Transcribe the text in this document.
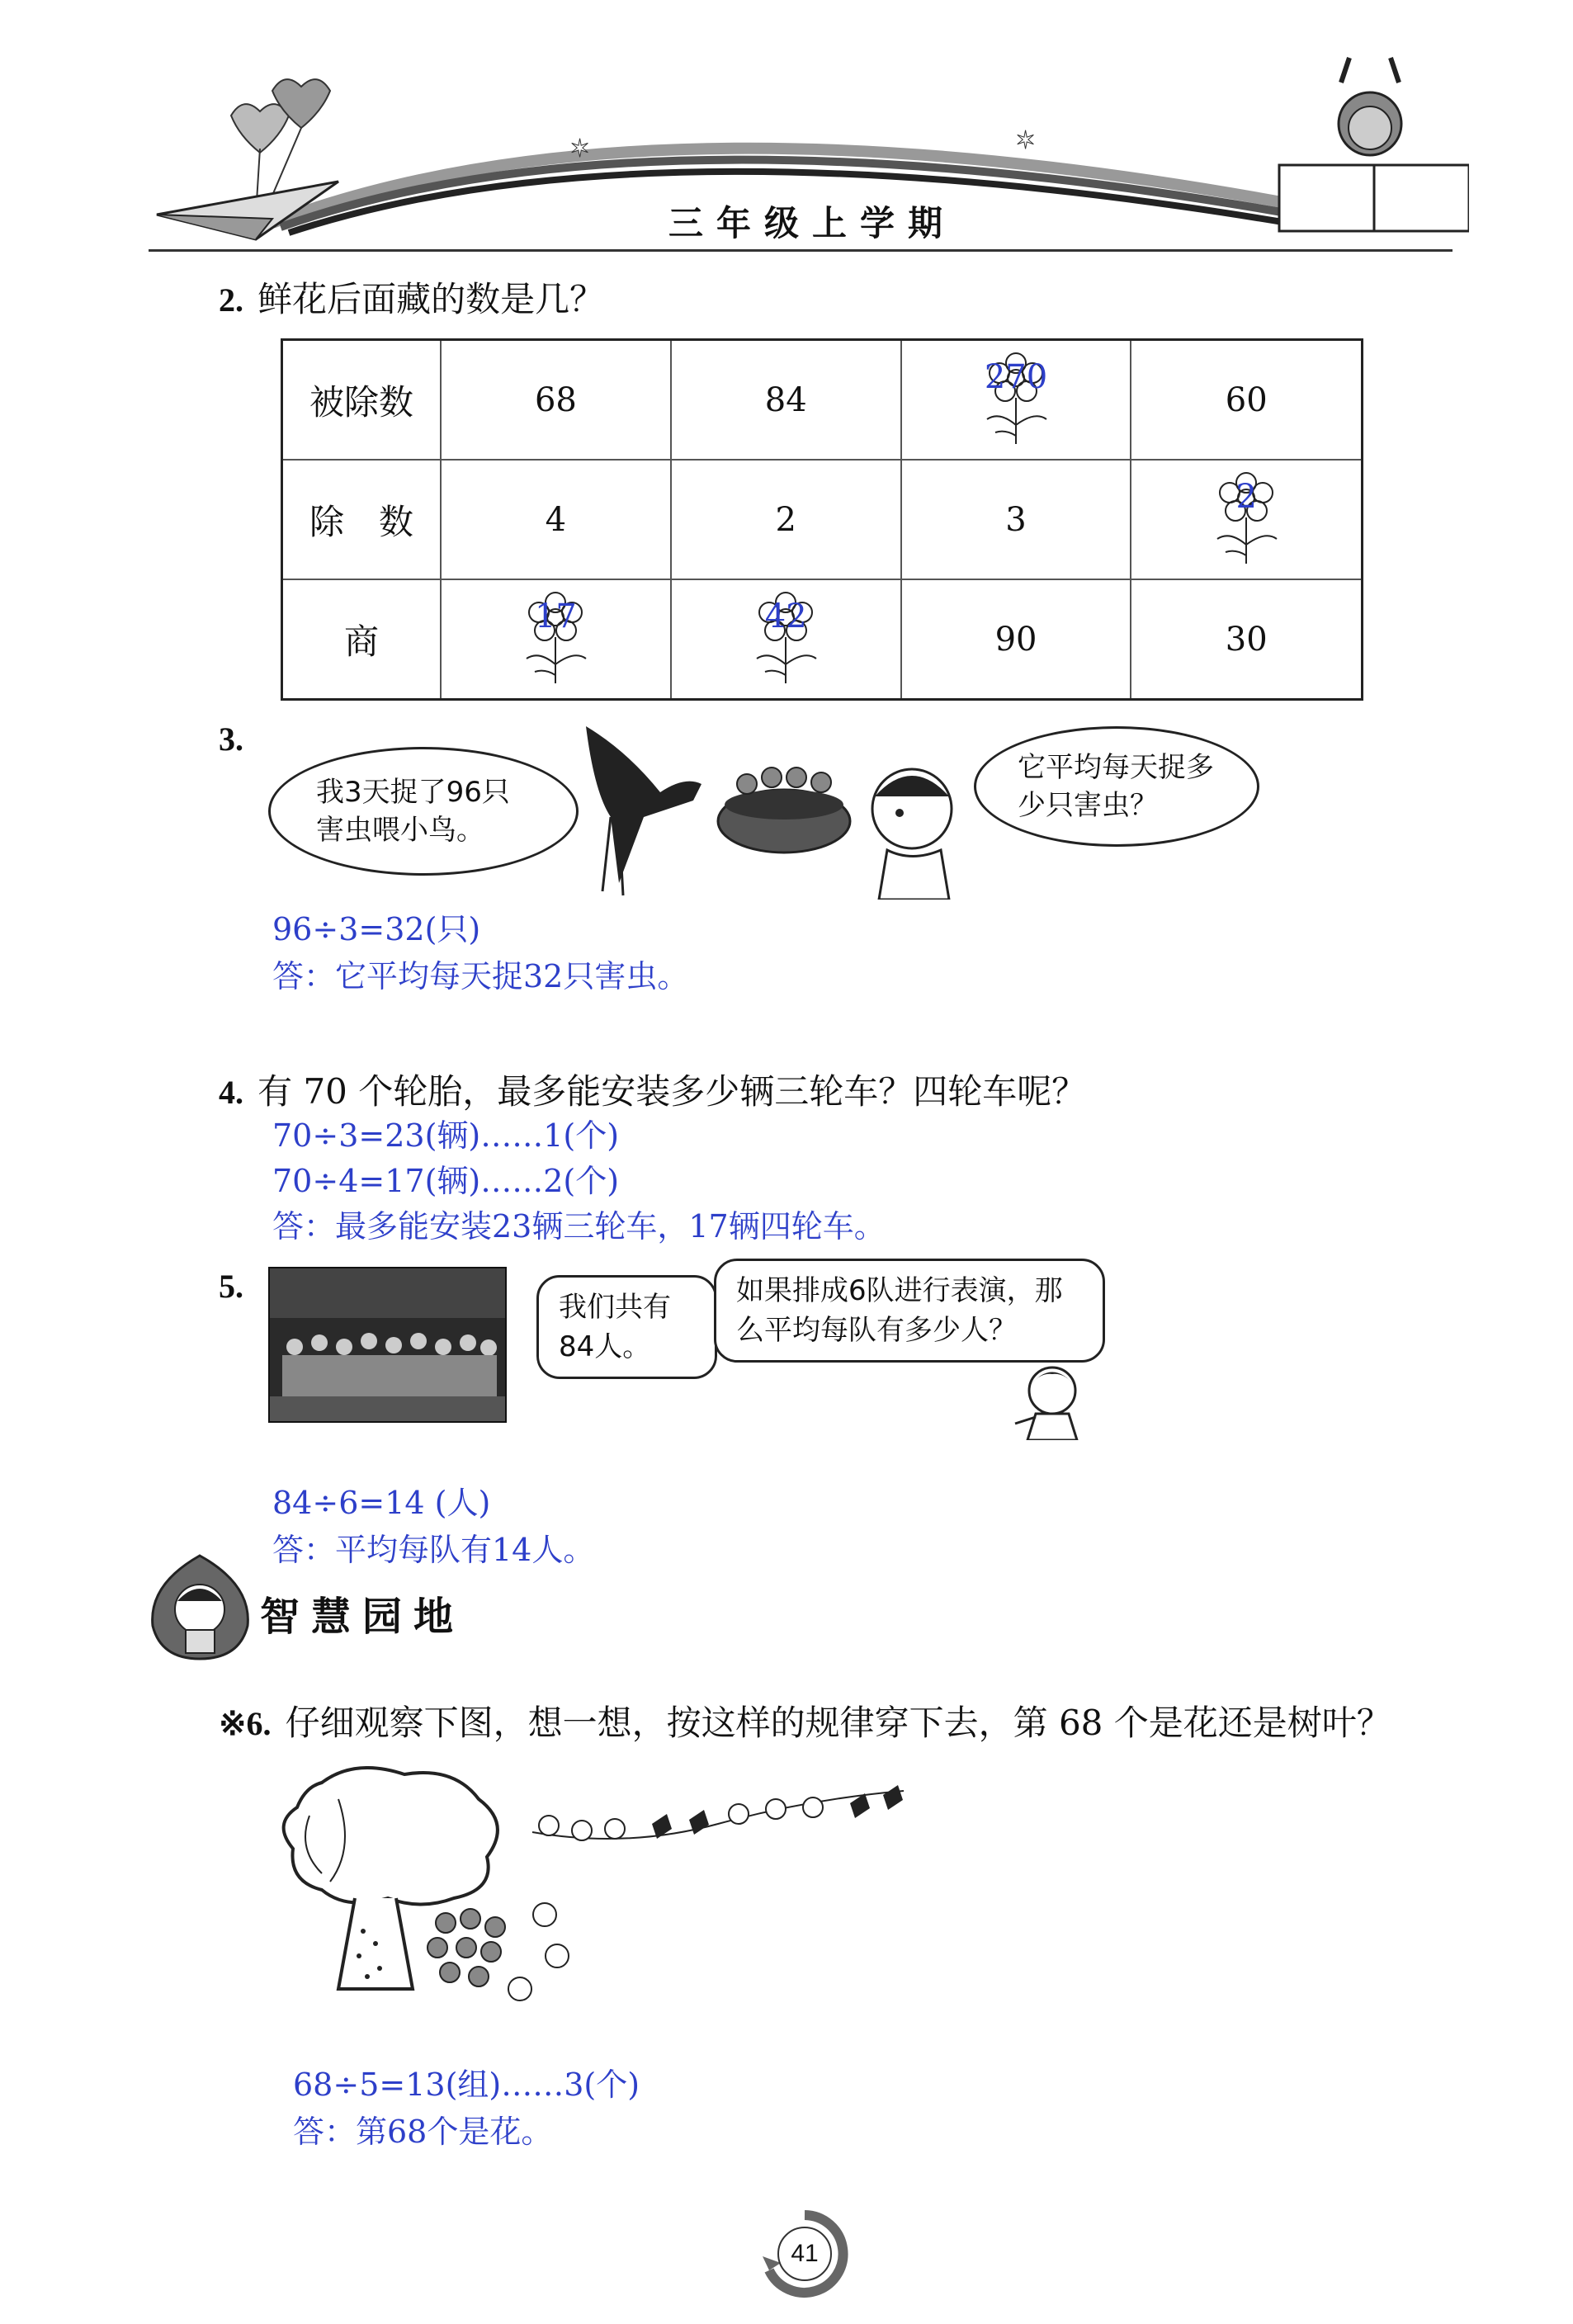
✶	✶
三年级上学期
2. 鲜花后面藏的数是几？
被除数	68	84	270	60
除　数	4	2	3	2

商	17	42	90	30
3.
我3天捉了96只害虫喂小鸟。
它平均每天捉多少只害虫？
96÷3=32(只)
答：它平均每天捉32只害虫。
4. 有 70 个轮胎，最多能安装多少辆三轮车？四轮车呢？
70÷3=23(辆)……1(个)
70÷4=17(辆)……2(个)
答：最多能安装23辆三轮车，17辆四轮车。
5.
我们共有84人。
如果排成6队进行表演，那么平均每队有多少人？
84÷6=14 (人)
答：平均每队有14人。
智慧园地
※6. 仔细观察下图，想一想，按这样的规律穿下去，第 68 个是花还是树叶？
68÷5=13(组)……3(个)
答：第68个是花。
41
